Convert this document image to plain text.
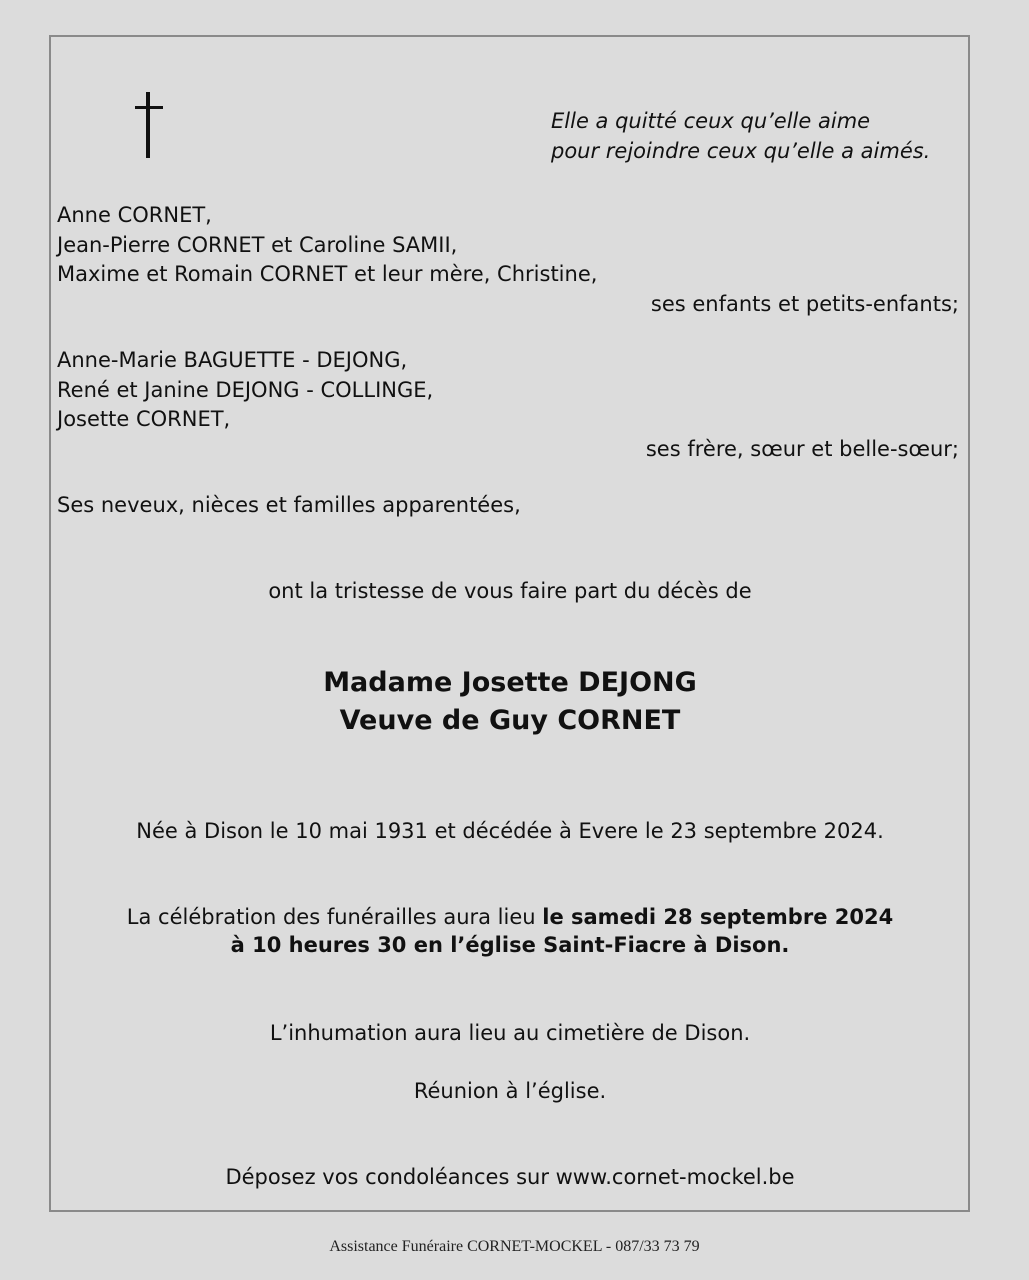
Elle a quitté ceux qu’elle aime
pour rejoindre ceux qu’elle a aimés.
Anne CORNET,
Jean-Pierre CORNET et Caroline SAMII,
Maxime et Romain CORNET et leur mère, Christine,
ses enfants et petits-enfants;
Anne-Marie BAGUETTE - DEJONG,
René et Janine DEJONG - COLLINGE,
Josette CORNET,
ses frère, sœur et belle-sœur;
Ses neveux, nièces et familles apparentées,
ont la tristesse de vous faire part du décès de
Madame Josette DEJONG
Veuve de Guy CORNET
Née à Dison le 10 mai 1931 et décédée à Evere le 23 septembre 2024.
La célébration des funérailles aura lieu le samedi 28 septembre 2024
à 10 heures 30 en l’église Saint-Fiacre à Dison.
L’inhumation aura lieu au cimetière de Dison.
Réunion à l’église.
Déposez vos condoléances sur www.cornet-mockel.be
Assistance Funéraire CORNET-MOCKEL - 087/33 73 79
